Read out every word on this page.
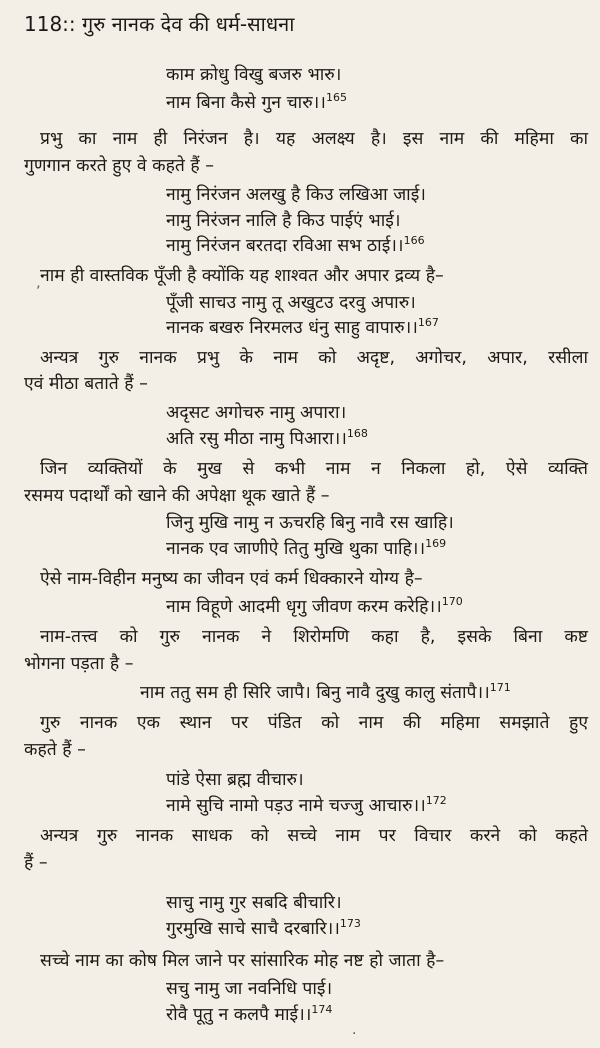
118:: गुरु नानक देव की धर्म-साधना
काम क्रोधु विखु बजरु भारु।
नाम बिना कैसे गुन चारु।।$^{165}$
प्रभु का नाम ही निरंजन है। यह अलक्ष्य है। इस नाम की महिमा का
गुणगान करते हुए वे कहते हैं –
नामु निरंजन अलखु है किउ लखिआ जाई।
नामु निरंजन नालि है किउ पाईएं भाई।
नामु निरंजन बरतदा रविआ सभ ठाई।।$^{166}$
नाम ही वास्तविक पूँजी है क्योंकि यह शाश्वत और अपार द्रव्य है–
’
पूँजी साचउ नामु तू अखुटउ दरवु अपारु।
नानक बखरु निरमलउ धंनु साहु वापारु।।$^{167}$
अन्यत्र गुरु नानक प्रभु के नाम को अदृष्ट, अगोचर, अपार, रसीला
एवं मीठा बताते हैं –
अदृसट अगोचरु नामु अपारा।
अति रसु मीठा नामु पिआरा।।$^{168}$
जिन व्यक्तियों के मुख से कभी नाम न निकला हो, ऐसे व्यक्ति
रसमय पदार्थों को खाने की अपेक्षा थूक खाते हैं –
जिनु मुखि नामु न ऊचरहि बिनु नावै रस खाहि।
नानक एव जाणीऐ तितु मुखि थुका पाहि।।$^{169}$
ऐसे नाम-विहीन मनुष्य का जीवन एवं कर्म धिक्कारने योग्य है–
नाम विहूणे आदमी धृगु जीवण करम करेहि।।$^{170}$
नाम-तत्त्व को गुरु नानक ने शिरोमणि कहा है, इसके बिना कष्ट
भोगना पड़ता है –
नाम ततु सम ही सिरि जापै। बिनु नावै दुखु कालु संतापै।।$^{171}$
गुरु नानक एक स्थान पर पंडित को नाम की महिमा समझाते हुए
कहते हैं –
पांडे ऐसा ब्रह्म वीचारु।
नामे सुचि नामो पड़उ नामे चज्जु आचारु।।$^{172}$
अन्यत्र गुरु नानक साधक को सच्चे नाम पर विचार करने को कहते
हैं –
साचु नामु गुर सबदि बीचारि।
गुरमुखि साचे साचै दरबारि।।$^{173}$
सच्चे नाम का कोष मिल जाने पर सांसारिक मोह नष्ट हो जाता है–
सचु नामु जा नवनिधि पाई।
रोवै पूतु न कलपै माई।।$^{174}$
.
